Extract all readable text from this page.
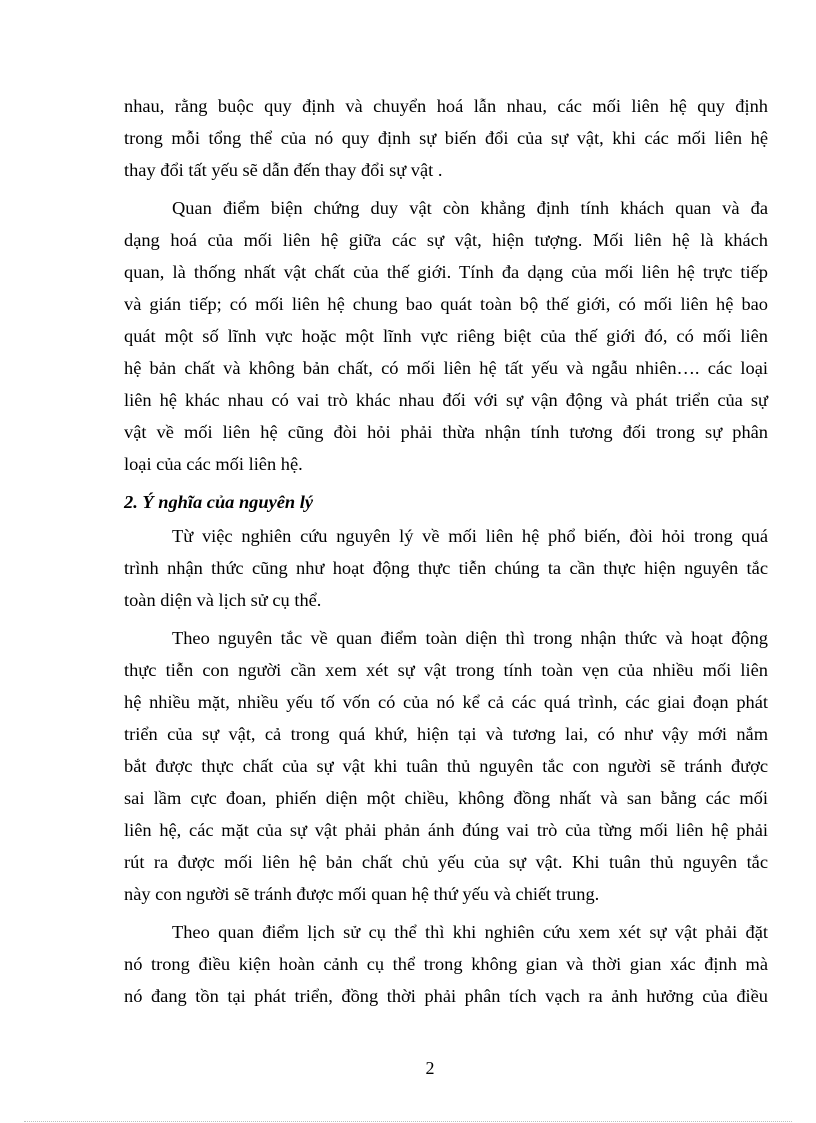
nhau, rằng buộc quy định và chuyển hoá lẫn nhau, các mối liên hệ quy định
trong mỗi tổng thể của nó quy định sự biến đổi của sự vật, khi các mối liên hệ
thay đổi tất yếu sẽ dẫn đến thay đổi sự vật .
Quan điểm biện chứng duy vật còn khẳng định tính khách quan và đa
dạng hoá của mối liên hệ giữa các sự vật, hiện tượng. Mối liên hệ là khách
quan, là thống nhất vật chất của thế giới. Tính đa dạng của mối liên hệ trực tiếp
và gián tiếp; có mối liên hệ chung bao quát toàn bộ thế giới, có mối liên hệ bao
quát một số lĩnh vực hoặc một lĩnh vực riêng biệt của thế giới đó, có mối liên
hệ bản chất và không bản chất, có mối liên hệ tất yếu và ngẫu nhiên…. các loại
liên hệ khác nhau có vai trò khác nhau đối với sự vận động và phát triển của sự
vật về mối liên hệ cũng đòi hỏi phải thừa nhận tính tương đối trong sự phân
loại của các mối liên hệ.
2. Ý nghĩa của nguyên lý
Từ việc nghiên cứu nguyên lý về mối liên hệ phổ biến, đòi hỏi trong quá
trình nhận thức cũng như hoạt động thực tiễn chúng ta cần thực hiện nguyên tắc
toàn diện và lịch sử cụ thể.
Theo nguyên tắc về quan điểm toàn diện thì trong nhận thức và hoạt động
thực tiễn con người cần xem xét sự vật trong tính toàn vẹn của nhiều mối liên
hệ nhiều mặt, nhiều yếu tố vốn có của nó kể cả các quá trình, các giai đoạn phát
triển của sự vật, cả trong quá khứ, hiện tại và tương lai, có như vậy mới nắm
bắt được thực chất của sự vật khi tuân thủ nguyên tắc con người sẽ tránh được
sai lầm cực đoan, phiến diện một chiều, không đồng nhất và san bằng các mối
liên hệ, các mặt của sự vật phải phản ánh đúng vai trò của từng mối liên hệ phải
rút ra được mối liên hệ bản chất chủ yếu của sự vật. Khi tuân thủ nguyên tắc
này con người sẽ tránh được mối quan hệ thứ yếu và chiết trung.
Theo quan điểm lịch sử cụ thể thì khi nghiên cứu xem xét sự vật phải đặt
nó trong điều kiện hoàn cảnh cụ thể trong không gian và thời gian xác định mà
nó đang tồn tại phát triển, đồng thời phải phân tích vạch ra ảnh hưởng của điều
2
